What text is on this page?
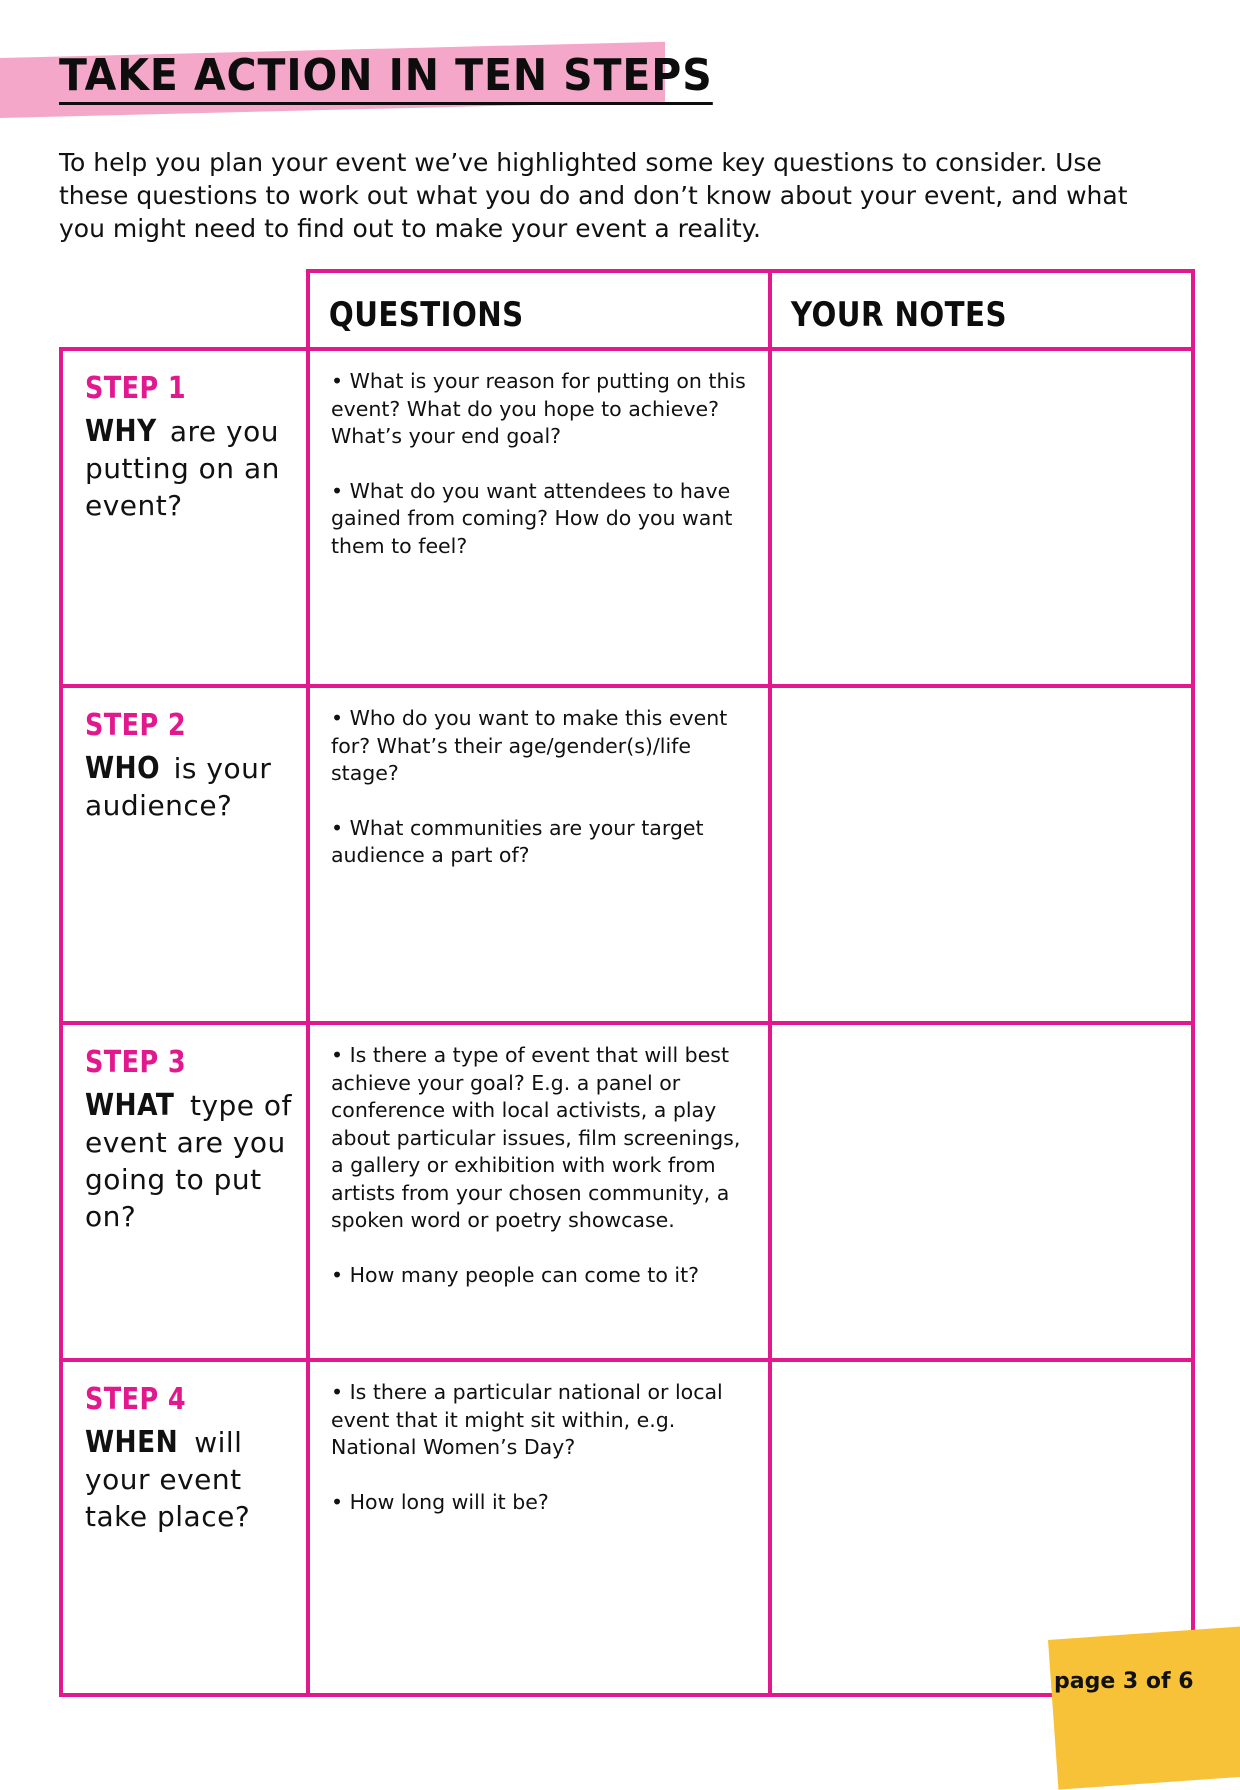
TAKE ACTION IN TEN STEPS

To help you plan your event we’ve highlighted some key questions to consider. Use these questions to work out what you do and don’t know about your event, and what you might need to find out to make your event a reality.

QUESTIONS	YOUR NOTES
STEP 1
WHY are you putting on an event?
• What is your reason for putting on this event? What do you hope to achieve? What’s your end goal?
• What do you want attendees to have gained from coming? How do you want them to feel?
STEP 2
WHO is your audience?
• Who do you want to make this event for? What’s their age/gender(s)/life stage?
• What communities are your target audience a part of?
STEP 3
WHAT type of event are you going to put on?
• Is there a type of event that will best achieve your goal? E.g. a panel or conference with local activists, a play about particular issues, film screenings, a gallery or exhibition with work from artists from your chosen community, a spoken word or poetry showcase.
• How many people can come to it?
STEP 4
WHEN will your event take place?
• Is there a particular national or local event that it might sit within, e.g. National Women’s Day?
• How long will it be?
page 3 of 6
